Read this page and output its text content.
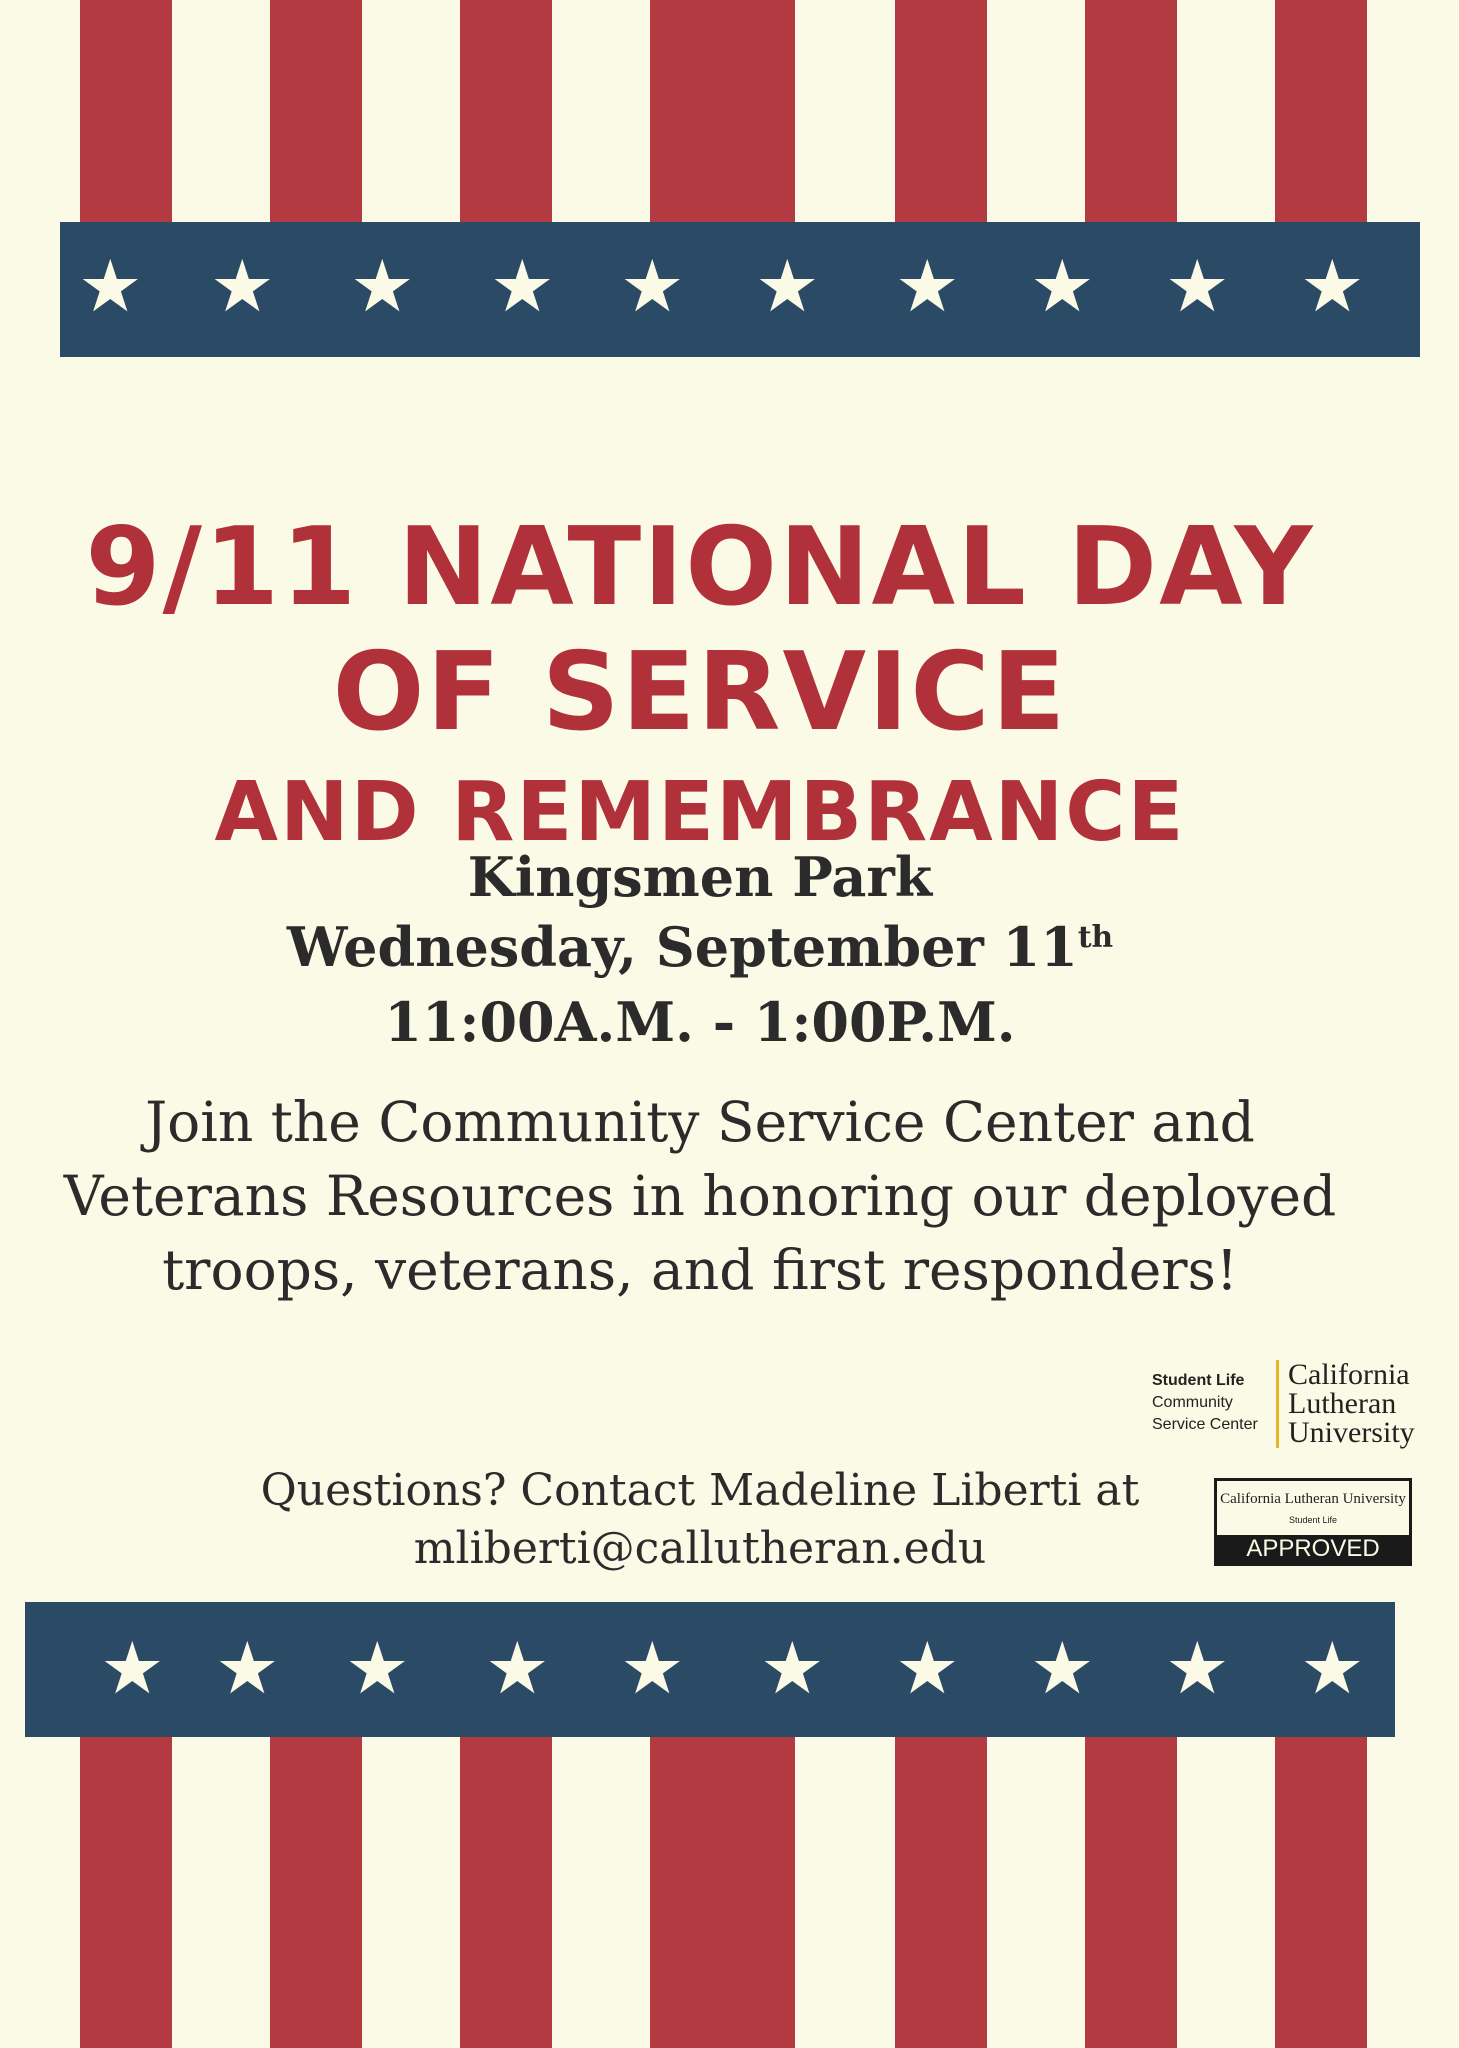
★ ★ ★ ★ ★ ★ ★ ★ ★ ★
9/11 NATIONAL DAY OF SERVICE
AND REMEMBRANCE
Kingsmen Park
Wednesday, September 11th
11:00A.M. - 1:00P.M.
Join the Community Service Center and
Veterans Resources in honoring our deployed
troops, veterans, and first responders!
Student Life
Community
Service Center
California
Lutheran
University
Questions? Contact Madeline Liberti at
mliberti@callutheran.edu
California Lutheran University
Student Life
APPROVED
★ ★ ★ ★ ★ ★ ★ ★ ★ ★
